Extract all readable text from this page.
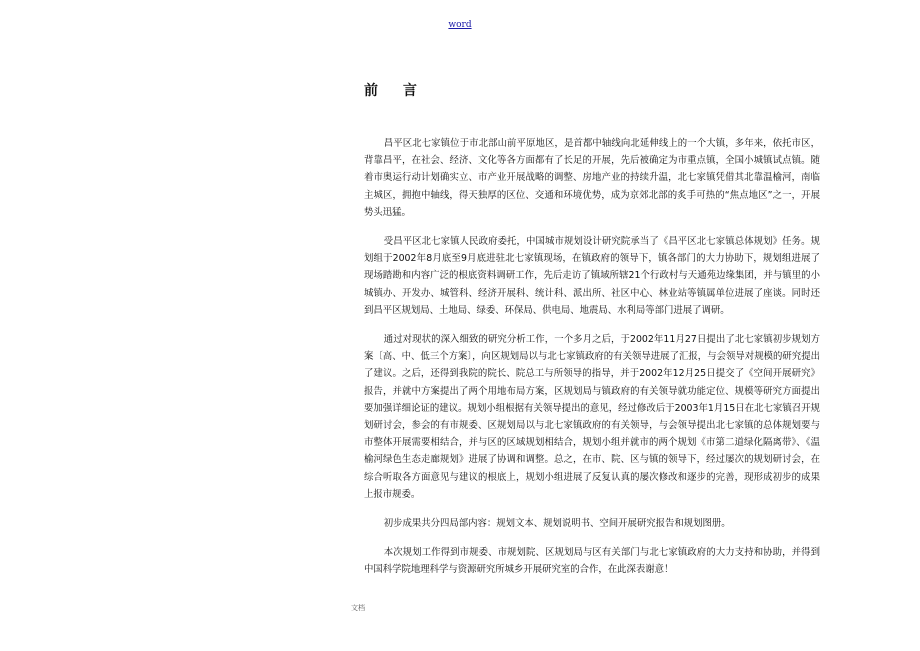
word
前 言

昌平区北七家镇位于市北部山前平原地区，是首都中轴线向北延伸线上的一个大镇，多年来，依托市区，背靠昌平，在社会、经济、文化等各方面都有了长足的开展，先后被确定为市重点镇，全国小城镇试点镇。随着市奥运行动计划确实立、市产业开展战略的调整、房地产业的持续升温，北七家镇凭借其北靠温榆河，南临主城区，拥抱中轴线，得天独厚的区位、交通和环境优势，成为京郊北部的炙手可热的“焦点地区”之一，开展势头迅猛。

受昌平区北七家镇人民政府委托，中国城市规划设计研究院承当了《昌平区北七家镇总体规划》任务。规划组于2002年8月底至9月底进驻北七家镇现场，在镇政府的领导下，镇各部门的大力协助下，规划组进展了现场踏勘和内容广泛的根底资料调研工作，先后走访了镇域所辖21个行政村与天通苑边缘集团，并与镇里的小城镇办、开发办、城管科、经济开展科、统计科、派出所、社区中心、林业站等镇属单位进展了座谈。同时还到昌平区规划局、土地局、绿委、环保局、供电局、地震局、水利局等部门进展了调研。

通过对现状的深入细致的研究分析工作，一个多月之后，于2002年11月27日提出了北七家镇初步规划方案〔高、中、低三个方案〕，向区规划局以与北七家镇政府的有关领导进展了汇报，与会领导对规模的研究提出了建议。之后，还得到我院的院长、院总工与所领导的指导，并于2002年12月25日提交了《空间开展研究》报告，并就中方案提出了两个用地布局方案，区规划局与镇政府的有关领导就功能定位、规模等研究方面提出要加强详细论证的建议。规划小组根据有关领导提出的意见，经过修改后于2003年1月15日在北七家镇召开规划研讨会，参会的有市规委、区规划局以与北七家镇政府的有关领导，与会领导提出北七家镇的总体规划要与市整体开展需要相结合，并与区的区域规划相结合，规划小组并就市的两个规划《市第二道绿化隔离带》、《温榆河绿色生态走廊规划》进展了协调和调整。总之，在市、院、区与镇的领导下，经过屡次的规划研讨会，在综合听取各方面意见与建议的根底上，规划小组进展了反复认真的屡次修改和逐步的完善，现形成初步的成果上报市规委。

初步成果共分四局部内容：规划文本、规划说明书、空间开展研究报告和规划图册。

本次规划工作得到市规委、市规划院、区规划局与区有关部门与北七家镇政府的大力支持和协助，并得到中国科学院地理科学与资源研究所城乡开展研究室的合作，在此深表谢意！

文档
